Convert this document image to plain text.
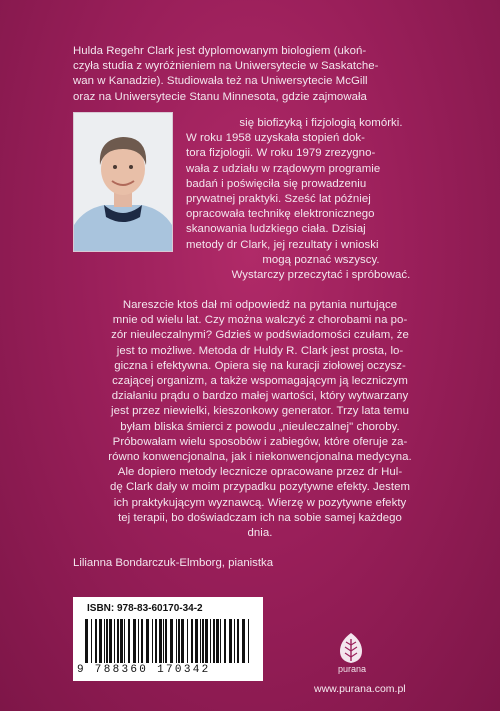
Hulda Regehr Clark jest dyplomowanym biologiem (ukoń-
czyła studia z wyróżnieniem na Uniwersytecie w Saskatche-
wan w Kanadzie). Studiowała też na Uniwersytecie McGill
oraz na Uniwersytecie Stanu Minnesota, gdzie zajmowała
się biofizyką i fizjologią komórki.
W roku 1958 uzyskała stopień dok-
tora fizjologii. W roku 1979 zrezygno-
wała z udziału w rządowym programie
badań i poświęciła się prowadzeniu
prywatnej praktyki. Sześć lat później
opracowała technikę elektronicznego
skanowania ludzkiego ciała. Dzisiaj
metody dr Clark, jej rezultaty i wnioski
mogą poznać wszyscy.
Wystarczy przeczytać i spróbować.
Nareszcie ktoś dał mi odpowiedź na pytania nurtujące
mnie od wielu lat. Czy można walczyć z chorobami na po-
zór nieuleczalnymi? Gdzieś w podświadomości czułam, że
jest to możliwe. Metoda dr Huldy R. Clark jest prosta, lo-
giczna i efektywna. Opiera się na kuracji ziołowej oczysz-
czającej organizm, a także wspomagającym ją leczniczym
działaniu prądu o bardzo małej wartości, który wytwarzany
jest przez niewielki, kieszonkowy generator. Trzy lata temu
byłam bliska śmierci z powodu „nieuleczalnej" choroby.
Próbowałam wielu sposobów i zabiegów, które oferuje za-
równo konwencjonalna, jak i niekonwencjonalna medycyna.
Ale dopiero metody lecznicze opracowane przez dr Hul-
dę Clark dały w moim przypadku pozytywne efekty. Jestem
ich praktykującym wyznawcą. Wierzę w pozytywne efekty
tej terapii, bo doświadczam ich na sobie samej każdego
dnia.
Lilianna Bondarczuk-Elmborg, pianistka
ISBN: 978-83-60170-34-2
9 788360 170342	purana
www.purana.com.pl
